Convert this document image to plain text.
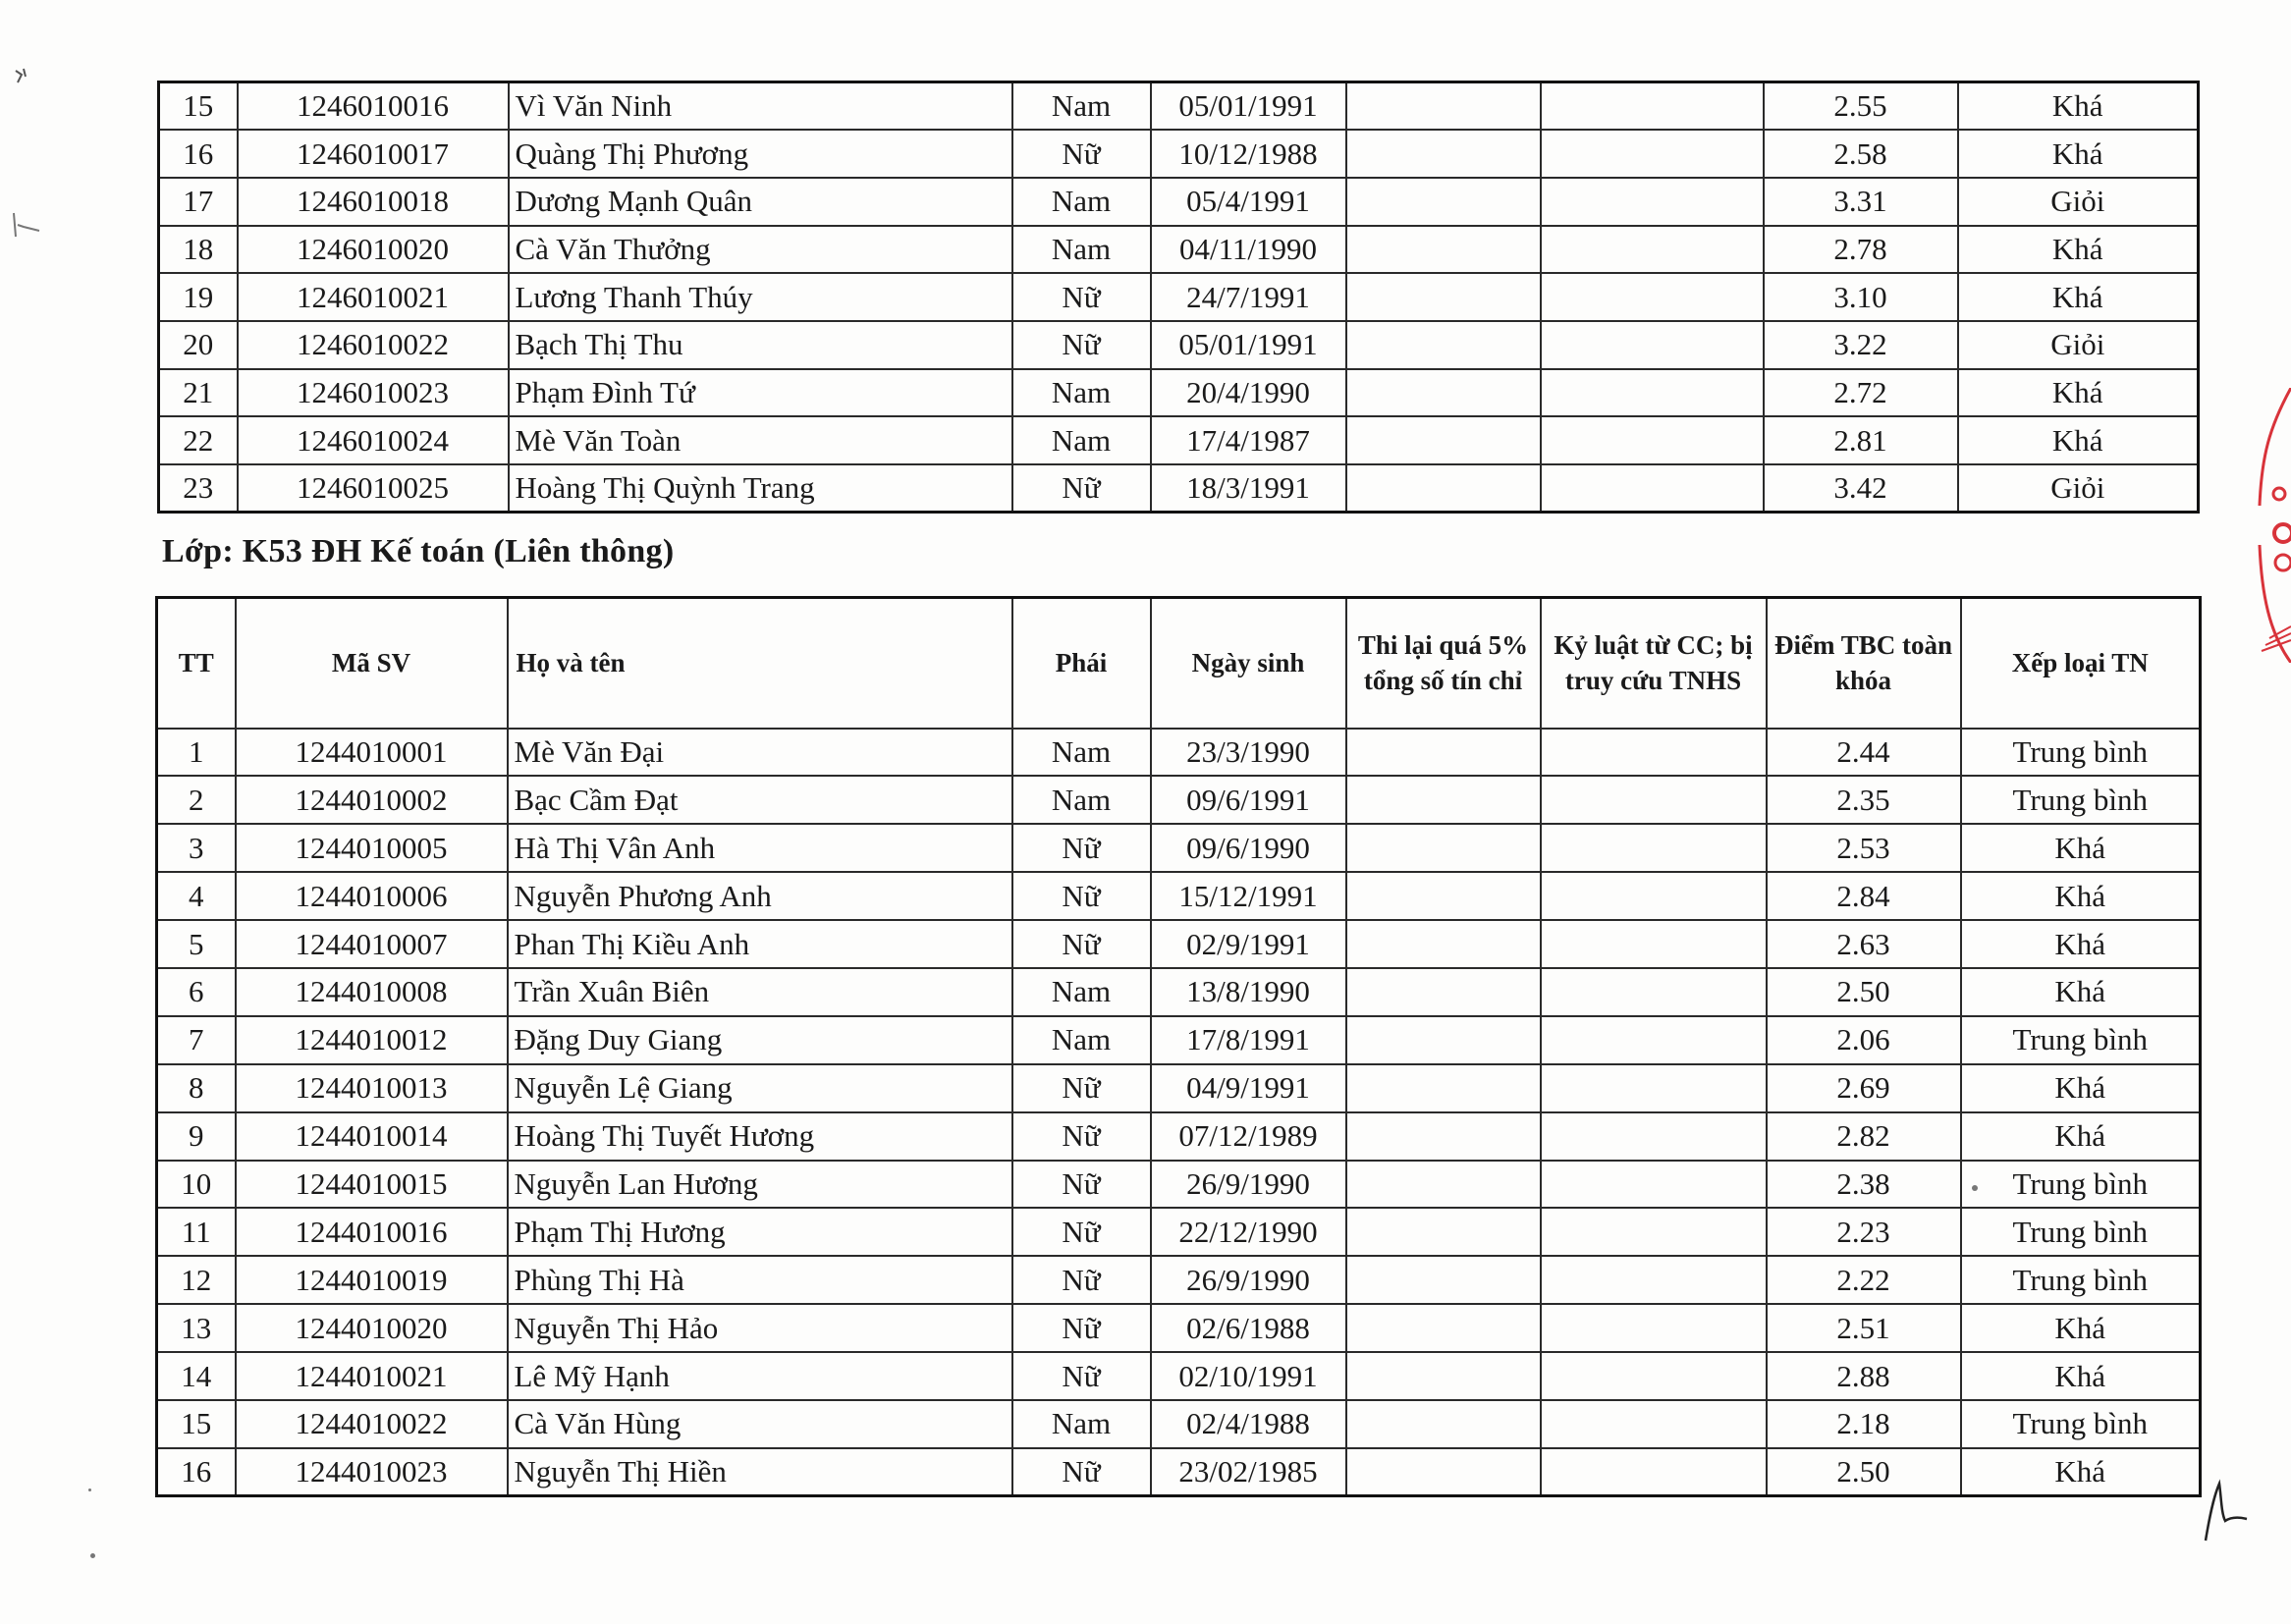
15	1246010016	Vì Văn Ninh	Nam	05/01/1991			2.55	Khá
16	1246010017	Quàng Thị Phương	Nữ	10/12/1988			2.58	Khá
17	1246010018	Dương Mạnh Quân	Nam	05/4/1991			3.31	Giỏi
18	1246010020	Cà Văn Thưởng	Nam	04/11/1990			2.78	Khá
19	1246010021	Lương Thanh Thúy	Nữ	24/7/1991			3.10	Khá
20	1246010022	Bạch Thị Thu	Nữ	05/01/1991			3.22	Giỏi
21	1246010023	Phạm Đình Tứ	Nam	20/4/1990			2.72	Khá
22	1246010024	Mè Văn Toàn	Nam	17/4/1987			2.81	Khá
23	1246010025	Hoàng Thị Quỳnh Trang	Nữ	18/3/1991			3.42	Giỏi
Lớp: K53 ĐH Kế toán (Liên thông)
TT	Mã SV	Họ và tên	Phái	Ngày sinh	Thi lại quá 5% tổng số tín chỉ	Kỷ luật từ CC; bị truy cứu TNHS	Điểm TBC toàn khóa	Xếp loại TN
1	1244010001	Mè Văn Đại	Nam	23/3/1990			2.44	Trung bình
2	1244010002	Bạc Cầm Đạt	Nam	09/6/1991			2.35	Trung bình
3	1244010005	Hà Thị Vân Anh	Nữ	09/6/1990			2.53	Khá
4	1244010006	Nguyễn Phương Anh	Nữ	15/12/1991			2.84	Khá
5	1244010007	Phan Thị Kiều Anh	Nữ	02/9/1991			2.63	Khá
6	1244010008	Trần Xuân Biên	Nam	13/8/1990			2.50	Khá
7	1244010012	Đặng Duy Giang	Nam	17/8/1991			2.06	Trung bình
8	1244010013	Nguyễn Lệ Giang	Nữ	04/9/1991			2.69	Khá
9	1244010014	Hoàng Thị Tuyết Hương	Nữ	07/12/1989			2.82	Khá
10	1244010015	Nguyễn Lan Hương	Nữ	26/9/1990			2.38	Trung bình
11	1244010016	Phạm Thị Hương	Nữ	22/12/1990			2.23	Trung bình
12	1244010019	Phùng Thị Hà	Nữ	26/9/1990			2.22	Trung bình
13	1244010020	Nguyễn Thị Hảo	Nữ	02/6/1988			2.51	Khá
14	1244010021	Lê Mỹ Hạnh	Nữ	02/10/1991			2.88	Khá
15	1244010022	Cà Văn Hùng	Nam	02/4/1988			2.18	Trung bình
16	1244010023	Nguyễn Thị Hiền	Nữ	23/02/1985			2.50	Khá
